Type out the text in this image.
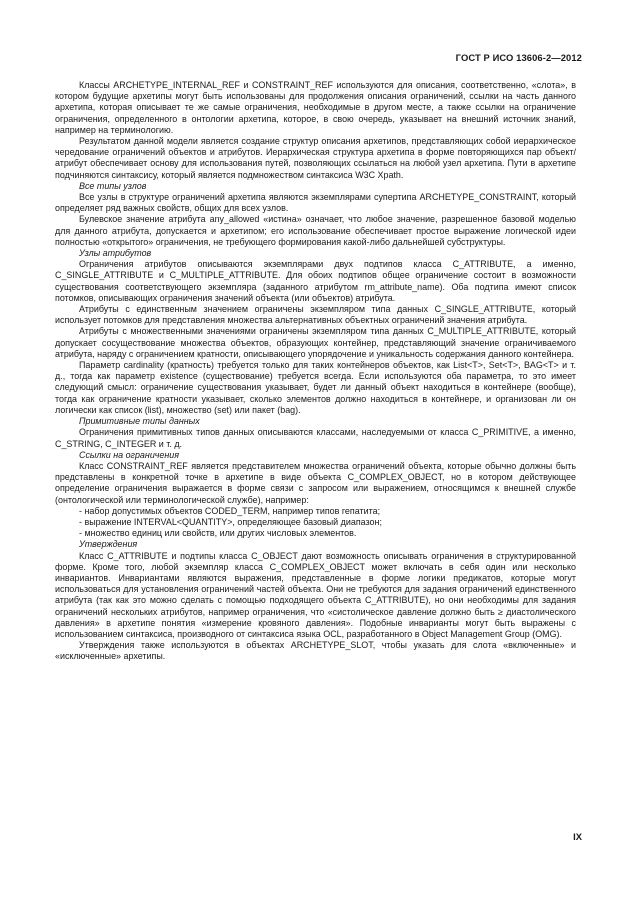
ГОСТ Р ИСО 13606-2—2012

Классы ARCHETYPE_INTERNAL_REF и CONSTRAINT_REF используются для описания, соответственно, «слота», в котором будущие архетипы могут быть использованы для продолжения описания ограничений, ссылки на часть данного архетипа, которая описывает те же самые ограничения, необходимые в другом месте, а также ссылки на ограничение ограничения, определенного в онтологии архетипа, которое, в свою очередь, указывает на внешний источник знаний, например на терминологию.

Результатом данной модели является создание структур описания архетипов, представляющих собой иерархическое чередование ограничений объектов и атрибутов. Иерархическая структура архетипа в форме повторяющихся пар объект/атрибут обеспечивает основу для использования путей, позволяющих ссылаться на любой узел архетипа. Пути в архетипе подчиняются синтаксису, который является подмножеством синтаксиса W3C Xpath.

Все типы узлов

Все узлы в структуре ограничений архетипа являются экземплярами супертипа ARCHETYPE_CONSTRAINT, который определяет ряд важных свойств, общих для всех узлов.

Булевское значение атрибута any_allowed «истина» означает, что любое значение, разрешенное базовой моделью для данного атрибута, допускается и архетипом; его использование обеспечивает простое выражение логической идеи полностью «открытого» ограничения, не требующего формирования какой-либо дальнейшей субструктуры.

Узлы атрибутов

Ограничения атрибутов описываются экземплярами двух подтипов класса C_ATTRIBUTE, а именно, C_SINGLE_ATTRIBUTE и C_MULTIPLE_ATTRIBUTE. Для обоих подтипов общее ограничение состоит в возможности существования соответствующего экземпляра (заданного атрибутом rm_attribute_name). Оба подтипа имеют список потомков, описывающих ограничения значений объекта (или объектов) атрибута.

Атрибуты с единственным значением ограничены экземпляром типа данных C_SINGLE_ATTRIBUTE, который использует потомков для представления множества альтернативных объектных ограничений значения атрибута.

Атрибуты с множественными значениями ограничены экземпляром типа данных C_MULTIPLE_ATTRIBUTE, который допускает сосуществование множества объектов, образующих контейнер, представляющий значение ограничиваемого атрибута, наряду с ограничением кратности, описывающего упорядочение и уникальность содержания данного контейнера.

Параметр cardinality (кратность) требуется только для таких контейнеров объектов, как List<T>, Set<T>, BAG<T> и т. д., тогда как параметр existence (существование) требуется всегда. Если используются оба параметра, то это имеет следующий смысл: ограничение существования указывает, будет ли данный объект находиться в контейнере (вообще), тогда как ограничение кратности указывает, сколько элементов должно находиться в контейнере, и организован ли он логически как список (list), множество (set) или пакет (bag).

Примитивные типы данных

Ограничения примитивных типов данных описываются классами, наследуемыми от класса C_PRIMITIVE, а именно, C_STRING, C_INTEGER и т. д.

Ссылки на ограничения

Класс CONSTRAINT_REF является представителем множества ограничений объекта, которые обычно должны быть представлены в конкретной точке в архетипе в виде объекта C_COMPLEX_OBJECT, но в котором действующее определение ограничения выражается в форме связи с запросом или выражением, относящимся к внешней службе (онтологической или терминологической службе), например:

- набор допустимых объектов CODED_TERM, например типов гепатита;

- выражение INTERVAL<QUANTITY>, определяющее базовый диапазон;

- множество единиц или свойств, или других числовых элементов.

Утверждения

Класс C_ATTRIBUTE и подтипы класса C_OBJECT дают возможность описывать ограничения в структурированной форме. Кроме того, любой экземпляр класса C_COMPLEX_OBJECT может включать в себя один или несколько инвариантов. Инвариантами являются выражения, представленные в форме логики предикатов, которые могут использоваться для установления ограничений частей объекта. Они не требуются для задания ограничений единственного атрибута (так как это можно сделать с помощью подходящего объекта C_ATTRIBUTE), но они необходимы для задания ограничений нескольких атрибутов, например ограничения, что «систолическое давление должно быть ≥ диастолического давления» в архетипе понятия «измерение кровяного давления». Подобные инварианты могут быть выражены с использованием синтаксиса, производного от синтаксиса языка OCL, разработанного в Object Management Group (OMG).

Утверждения также используются в объектах ARCHETYPE_SLOT, чтобы указать для слота «включенные» и «исключенные» архетипы.

IX
